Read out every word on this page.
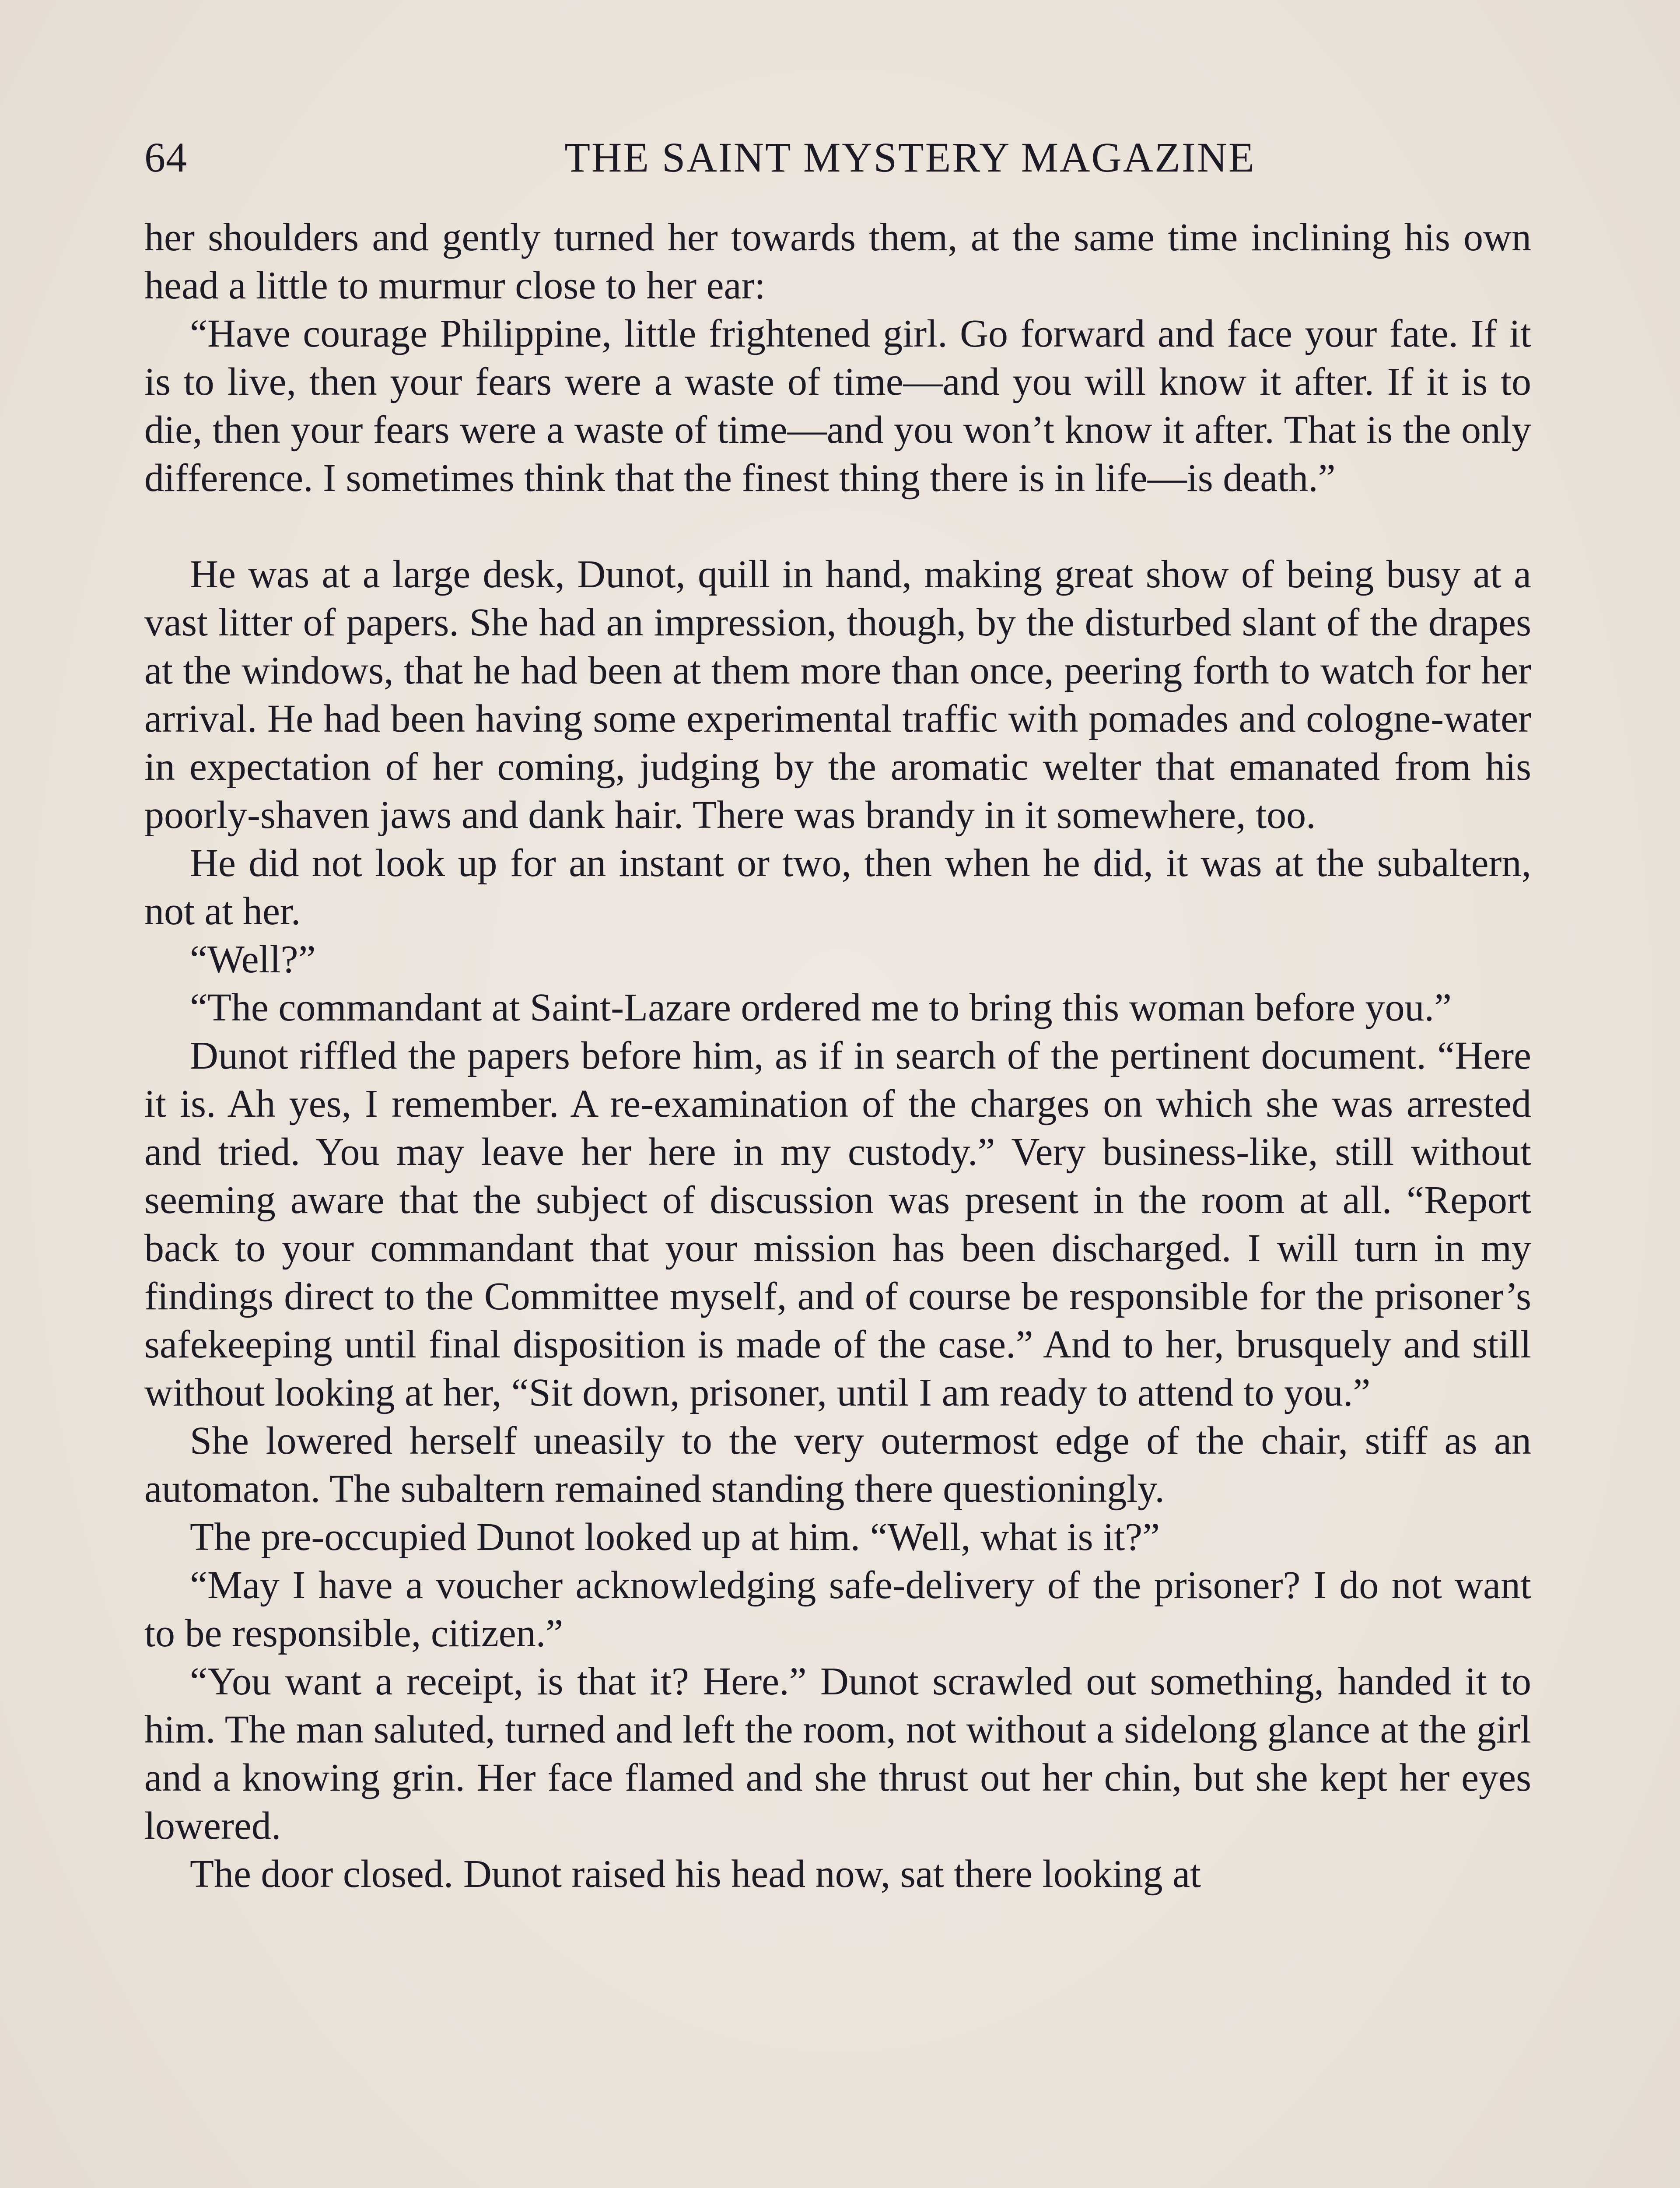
64	THE SAINT MYSTERY MAGAZINE

her shoulders and gently turned her towards them, at the same time inclining his own head a little to murmur close to her ear:

“Have courage Philippine, little frightened girl. Go forward and face your fate. If it is to live, then your fears were a waste of time—and you will know it after. If it is to die, then your fears were a waste of time—and you won’t know it after. That is the only difference. I sometimes think that the finest thing there is in life—is death.”

He was at a large desk, Dunot, quill in hand, making great show of being busy at a vast litter of papers. She had an impression, though, by the disturbed slant of the drapes at the windows, that he had been at them more than once, peering forth to watch for her arrival. He had been having some experimental traffic with pomades and cologne-water in expectation of her coming, judging by the aromatic welter that emanated from his poorly-shaven jaws and dank hair. There was brandy in it somewhere, too.

He did not look up for an instant or two, then when he did, it was at the subaltern, not at her.

“Well?”

“The commandant at Saint-Lazare ordered me to bring this woman before you.”

Dunot riffled the papers before him, as if in search of the pertinent document. “Here it is. Ah yes, I remember. A re-examination of the charges on which she was arrested and tried. You may leave her here in my custody.” Very business-like, still without seeming aware that the subject of discussion was present in the room at all. “Report back to your commandant that your mission has been discharged. I will turn in my findings direct to the Committee myself, and of course be responsible for the prisoner’s safekeeping until final disposition is made of the case.” And to her, brusquely and still without looking at her, “Sit down, prisoner, until I am ready to attend to you.”

She lowered herself uneasily to the very outermost edge of the chair, stiff as an automaton. The subaltern remained standing there questioningly.

The pre-occupied Dunot looked up at him. “Well, what is it?”

“May I have a voucher acknowledging safe-delivery of the prisoner? I do not want to be responsible, citizen.”

“You want a receipt, is that it? Here.” Dunot scrawled out something, handed it to him. The man saluted, turned and left the room, not without a sidelong glance at the girl and a knowing grin. Her face flamed and she thrust out her chin, but she kept her eyes lowered.

The door closed. Dunot raised his head now, sat there looking at
